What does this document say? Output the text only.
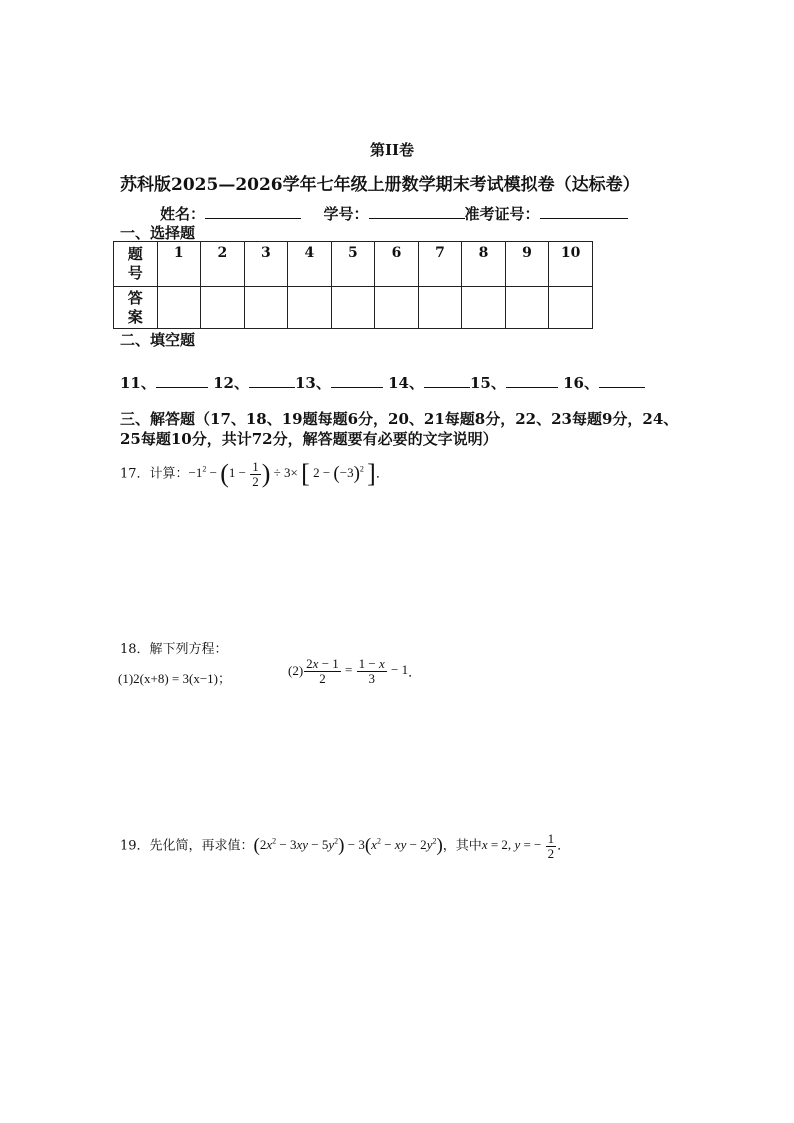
第II卷
苏科版2025—2026学年七年级上册数学期末考试模拟卷（达标卷）
姓名：	学号：	准考证号：
一、选择题
题号	1	2	3	4	5	6	7	8	9	10
答案										
二、填空题
11、	12、	13、	14、	15、	16、
三、解答题（17、18、19题每题6分，20、21每题8分，22、23每题9分，24、
25每题10分，共计72分，解答题要有必要的文字说明）
17．计算：$-1^2 - (1 - \frac{1}{2}$ ) ÷ 3× [ $2 - (-3)^2$ ]．
18．解下列方程：
(1)2(x+8) = 3(x−1)；
$(2) \frac{2x - 1}{2} = \frac{1 - x}{3} - 1$．
19．先化简，再求值：$(2x^2 - 3xy - 5y^2) - 3(x^2$ − xy − $2y^2$)，其中x = 2, y = − $\frac{1}{2}$ ．
